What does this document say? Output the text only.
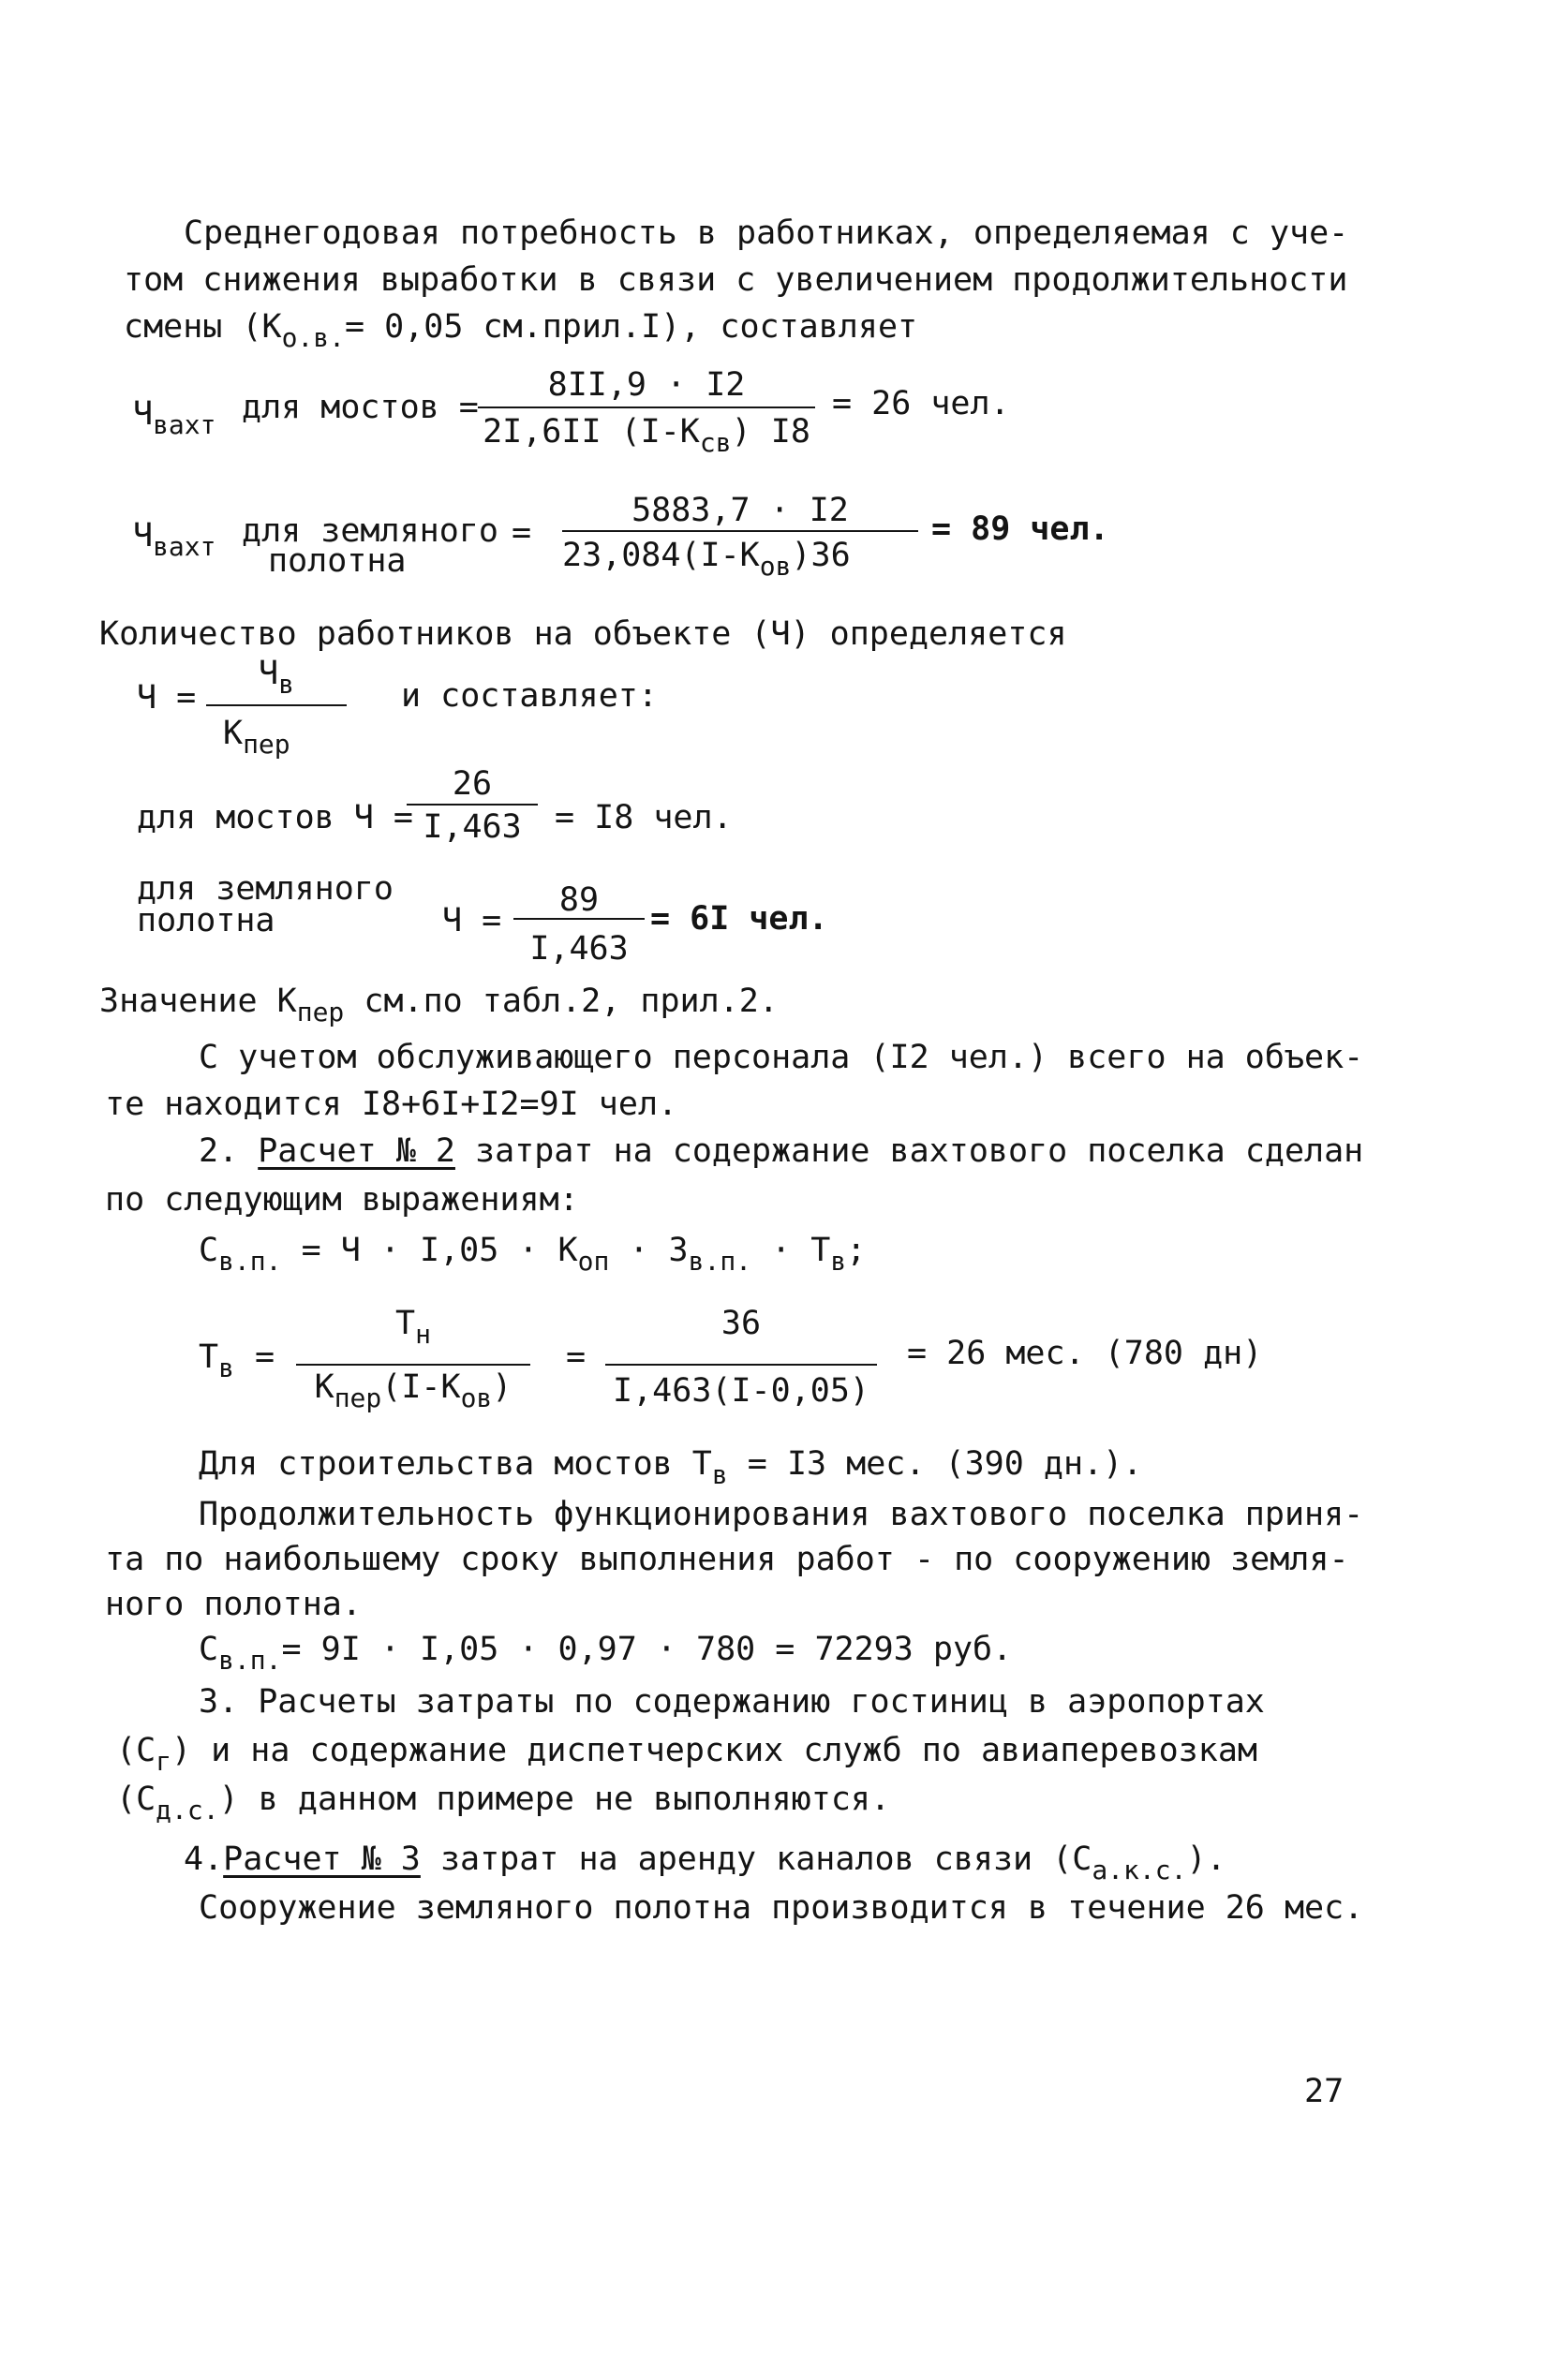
Среднегодовая потребность в работниках, определяемая с уче-
том снижения выработки в связи с увеличением продолжительности
смены ($К_{о.в.}= 0,05$ см.прил.I), составляет
$Ч_{вахт}$ для мостов =
8II,9 · I2
2I,6II $(I-К_{св})$ I8
= 26 чел.
$Ч_{вахт}$ для земляного
полотна
=
5883,7 · I2
$23,084(I-К_{ов})36$
= 89 чел.
Количество работников на объекте (Ч) определяется
Ч =
$Ч_в$
$К_{пер}$
и составляет:
для мостов Ч =
26
I,463	= I8 чел.
для земляного
полотна	Ч =
89
I,463
= 6I чел.
Значение $К_{пер}$ см.по табл.2, прил.2.
С учетом обслуживающего персонала (I2 чел.) всего на объек-
те находится I8+6I+I2=9I чел.
2. Расчет № 2 затрат на содержание вахтового поселка сделан
по следующим выражениям:
$С_{в.п.} = Ч \cdot I,05 \cdot К_{оп} \cdot З_{в.п.} \cdot Т_в$;
$Т_в$ =
$Т_н$
$К_{пер}(I-К_{ов})$
=
36
I,463(I-0,05)
= 26 мес. (780 дн)
Для строительства мостов $Т_в = I3$ мес. (390 дн.).
Продолжительность функционирования вахтового поселка приня-
та по наибольшему сроку выполнения работ - по сооружению земля-
ного полотна.
$С_{в.п.}= 9I \cdot I,05 \cdot 0,97 \cdot 780 = 72293$ руб.
3. Расчеты затраты по содержанию гостиниц в аэропортах
$(С_г)$ и на содержание диспетчерских служб по авиаперевозкам
$(С_{д.с.})$ в данном примере не выполняются.
4.Расчет № 3 затрат на аренду каналов связи $(С_{а.к.с.})$.
Сооружение земляного полотна производится в течение 26 мес.
27
